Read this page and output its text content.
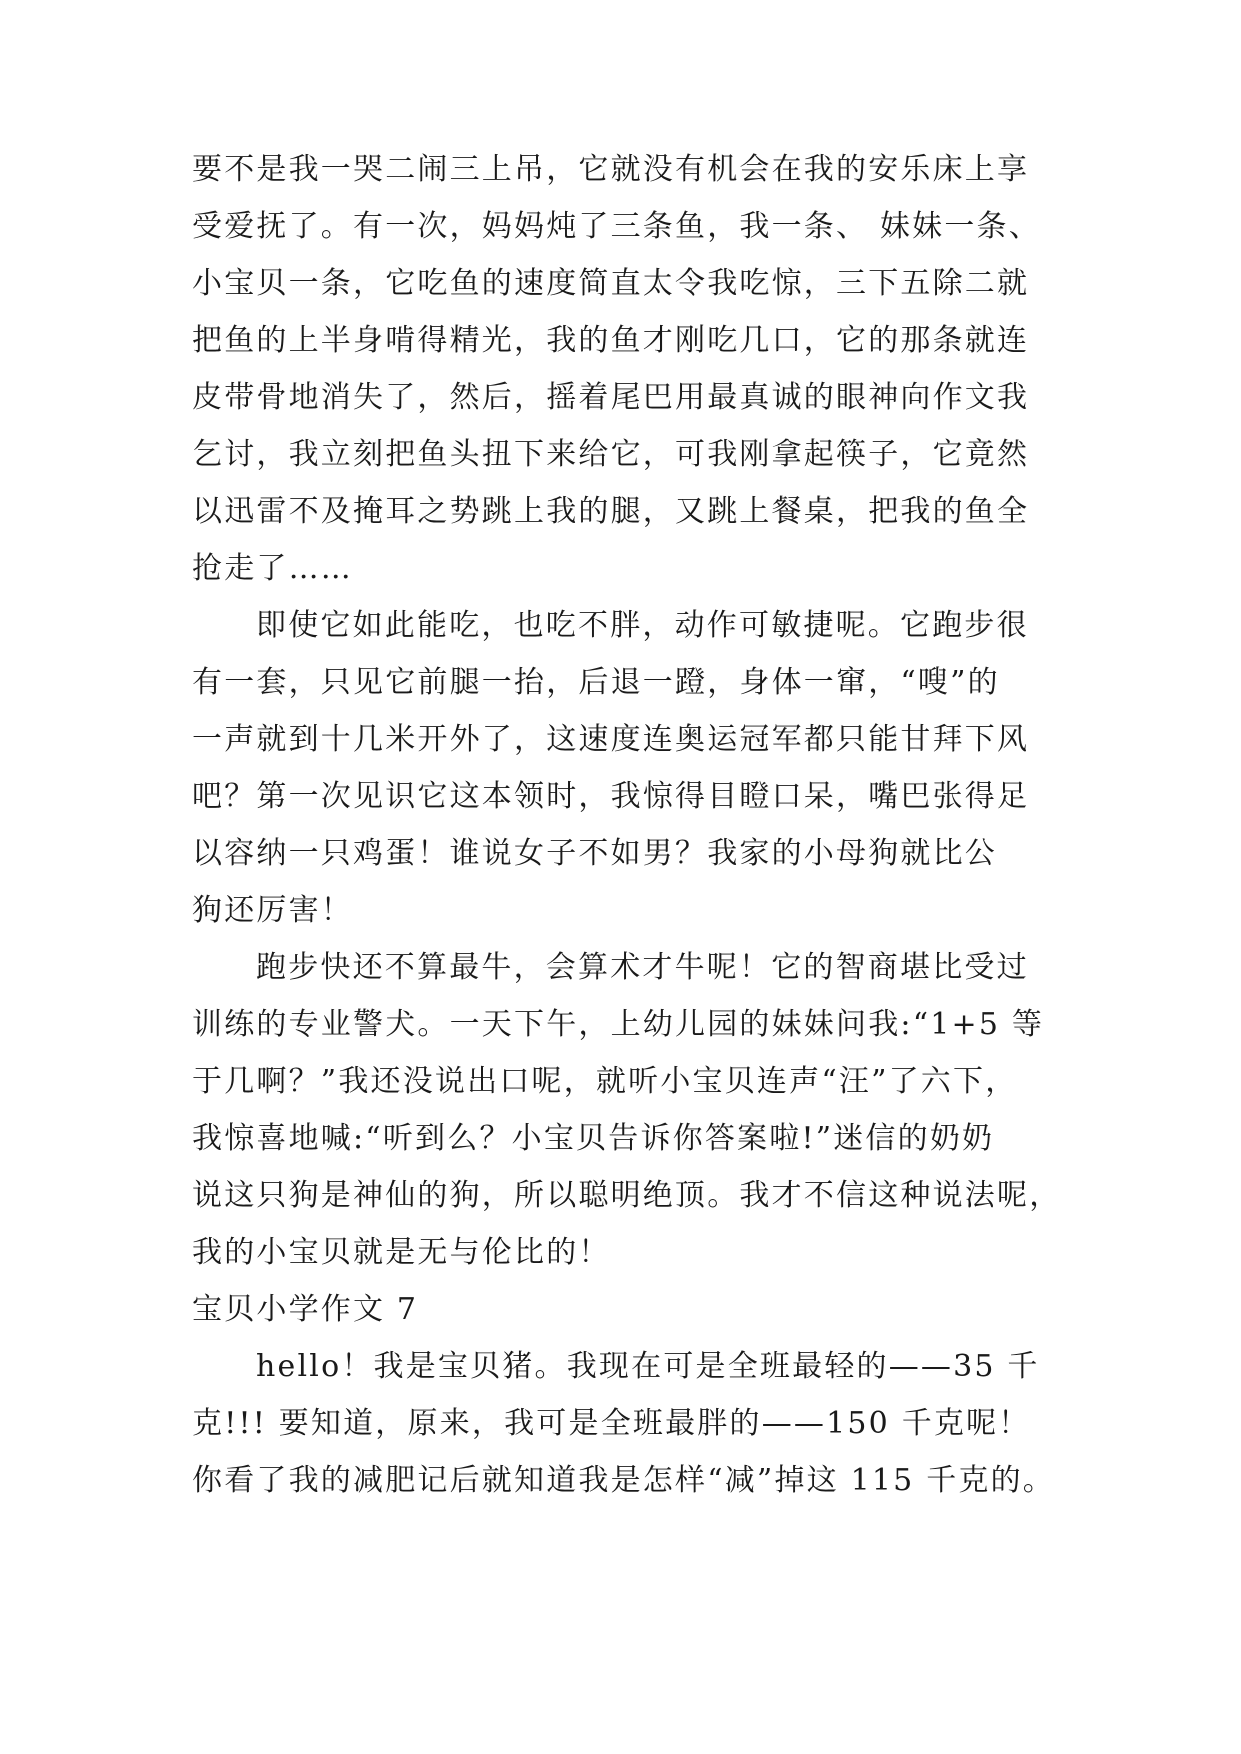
要不是我一哭二闹三上吊，它就没有机会在我的安乐床上享
受爱抚了。有一次，妈妈炖了三条鱼，我一条、 妹妹一条、
小宝贝一条，它吃鱼的速度简直太令我吃惊，三下五除二就
把鱼的上半身啃得精光，我的鱼才刚吃几口，它的那条就连
皮带骨地消失了，然后，摇着尾巴用最真诚的眼神向作文我
乞讨，我立刻把鱼头扭下来给它，可我刚拿起筷子，它竟然
以迅雷不及掩耳之势跳上我的腿，又跳上餐桌，把我的鱼全
抢走了……
即使它如此能吃，也吃不胖，动作可敏捷呢。它跑步很
有一套，只见它前腿一抬，后退一蹬，身体一窜，“嗖”的
一声就到十几米开外了，这速度连奥运冠军都只能甘拜下风
吧？第一次见识它这本领时，我惊得目瞪口呆，嘴巴张得足
以容纳一只鸡蛋！谁说女子不如男？我家的小母狗就比公
狗还厉害！
跑步快还不算最牛，会算术才牛呢！它的智商堪比受过
训练的专业警犬。一天下午，上幼儿园的妹妹问我:“1+5 等
于几啊？”我还没说出口呢，就听小宝贝连声“汪”了六下，
我惊喜地喊:“听到么？小宝贝告诉你答案啦!”迷信的奶奶
说这只狗是神仙的狗，所以聪明绝顶。我才不信这种说法呢，
我的小宝贝就是无与伦比的！
宝贝小学作文 7
hello！我是宝贝猪。我现在可是全班最轻的——35 千
克!!! 要知道，原来，我可是全班最胖的——150 千克呢！
你看了我的减肥记后就知道我是怎样“减”掉这 115 千克的。
